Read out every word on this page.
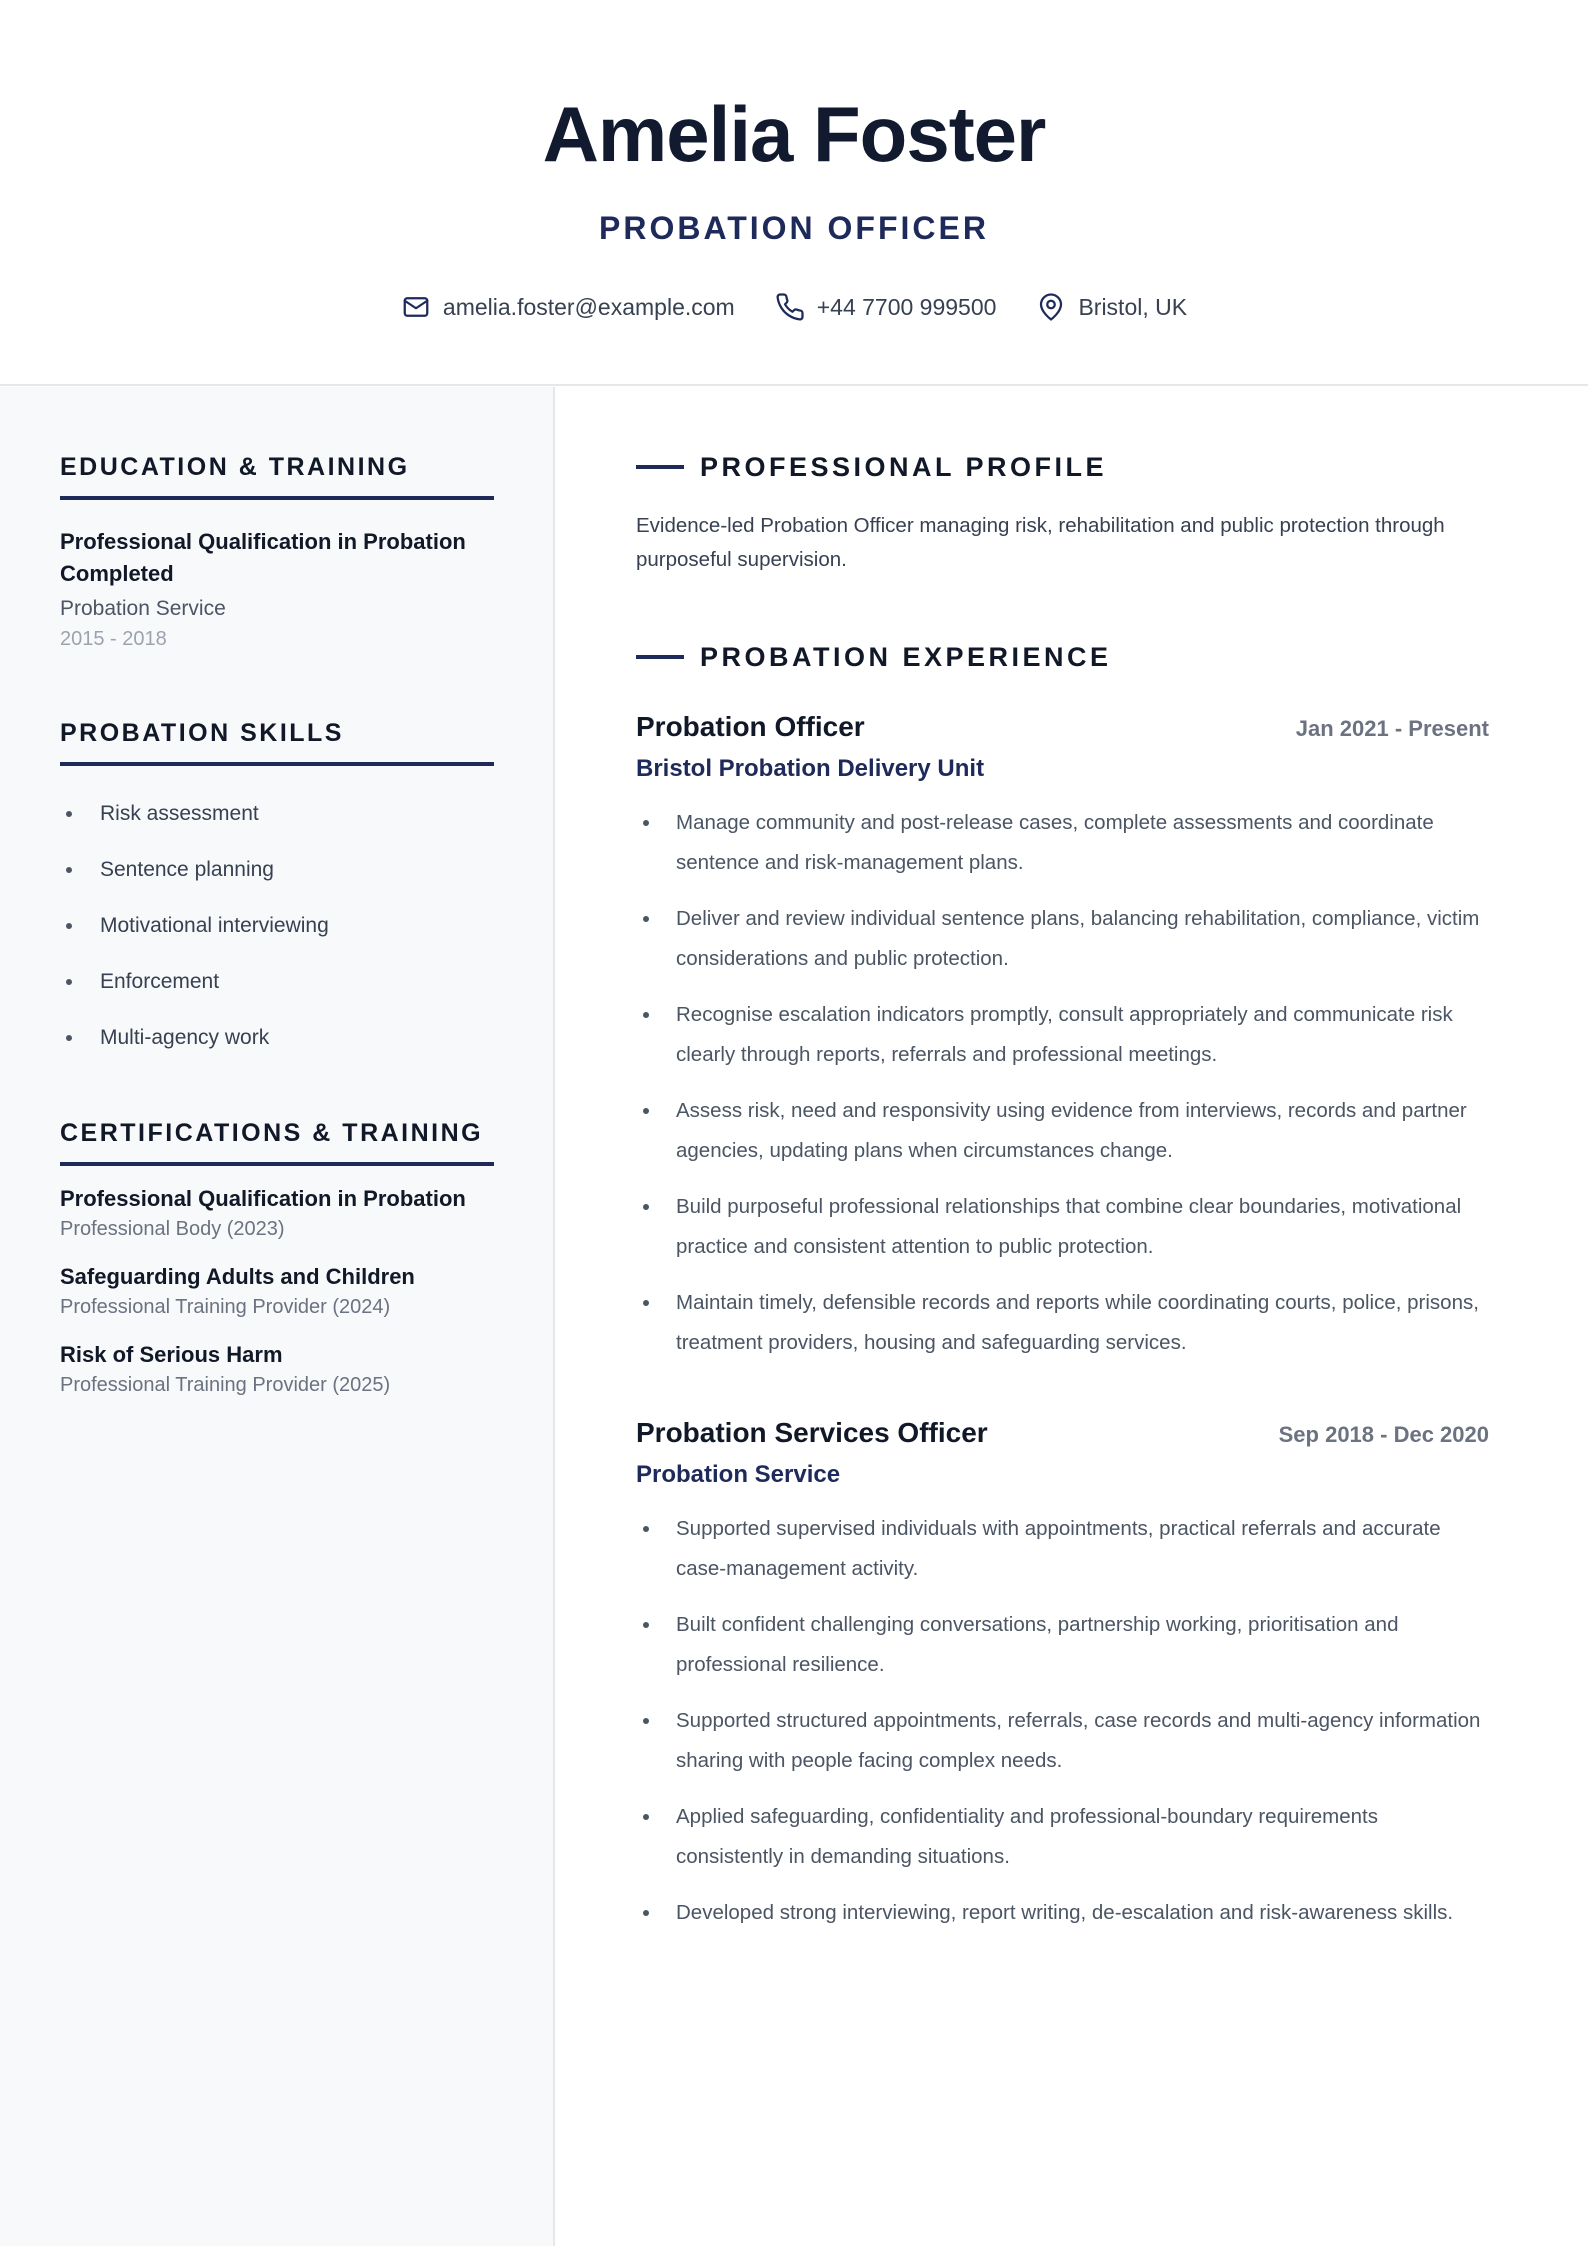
Amelia Foster
PROBATION OFFICER
amelia.foster@example.com	+44 7700 999500	Bristol, UK
EDUCATION & TRAINING
Professional Qualification in Probation Completed
Probation Service
2015 - 2018
PROBATION SKILLS
Risk assessment
Sentence planning
Motivational interviewing
Enforcement
Multi-agency work
CERTIFICATIONS & TRAINING
Professional Qualification in Probation
Professional Body (2023)
Safeguarding Adults and Children
Professional Training Provider (2024)
Risk of Serious Harm
Professional Training Provider (2025)
PROFESSIONAL PROFILE
Evidence-led Probation Officer managing risk, rehabilitation and public protection through purposeful supervision.
PROBATION EXPERIENCE
Probation Officer	Jan 2021 - Present
Bristol Probation Delivery Unit
Manage community and post-release cases, complete assessments and coordinate sentence and risk-management plans.
Deliver and review individual sentence plans, balancing rehabilitation, compliance, victim considerations and public protection.
Recognise escalation indicators promptly, consult appropriately and communicate risk clearly through reports, referrals and professional meetings.
Assess risk, need and responsivity using evidence from interviews, records and partner agencies, updating plans when circumstances change.
Build purposeful professional relationships that combine clear boundaries, motivational practice and consistent attention to public protection.
Maintain timely, defensible records and reports while coordinating courts, police, prisons, treatment providers, housing and safeguarding services.
Probation Services Officer	Sep 2018 - Dec 2020
Probation Service
Supported supervised individuals with appointments, practical referrals and accurate case-management activity.
Built confident challenging conversations, partnership working, prioritisation and professional resilience.
Supported structured appointments, referrals, case records and multi-agency information sharing with people facing complex needs.
Applied safeguarding, confidentiality and professional-boundary requirements consistently in demanding situations.
Developed strong interviewing, report writing, de-escalation and risk-awareness skills.
